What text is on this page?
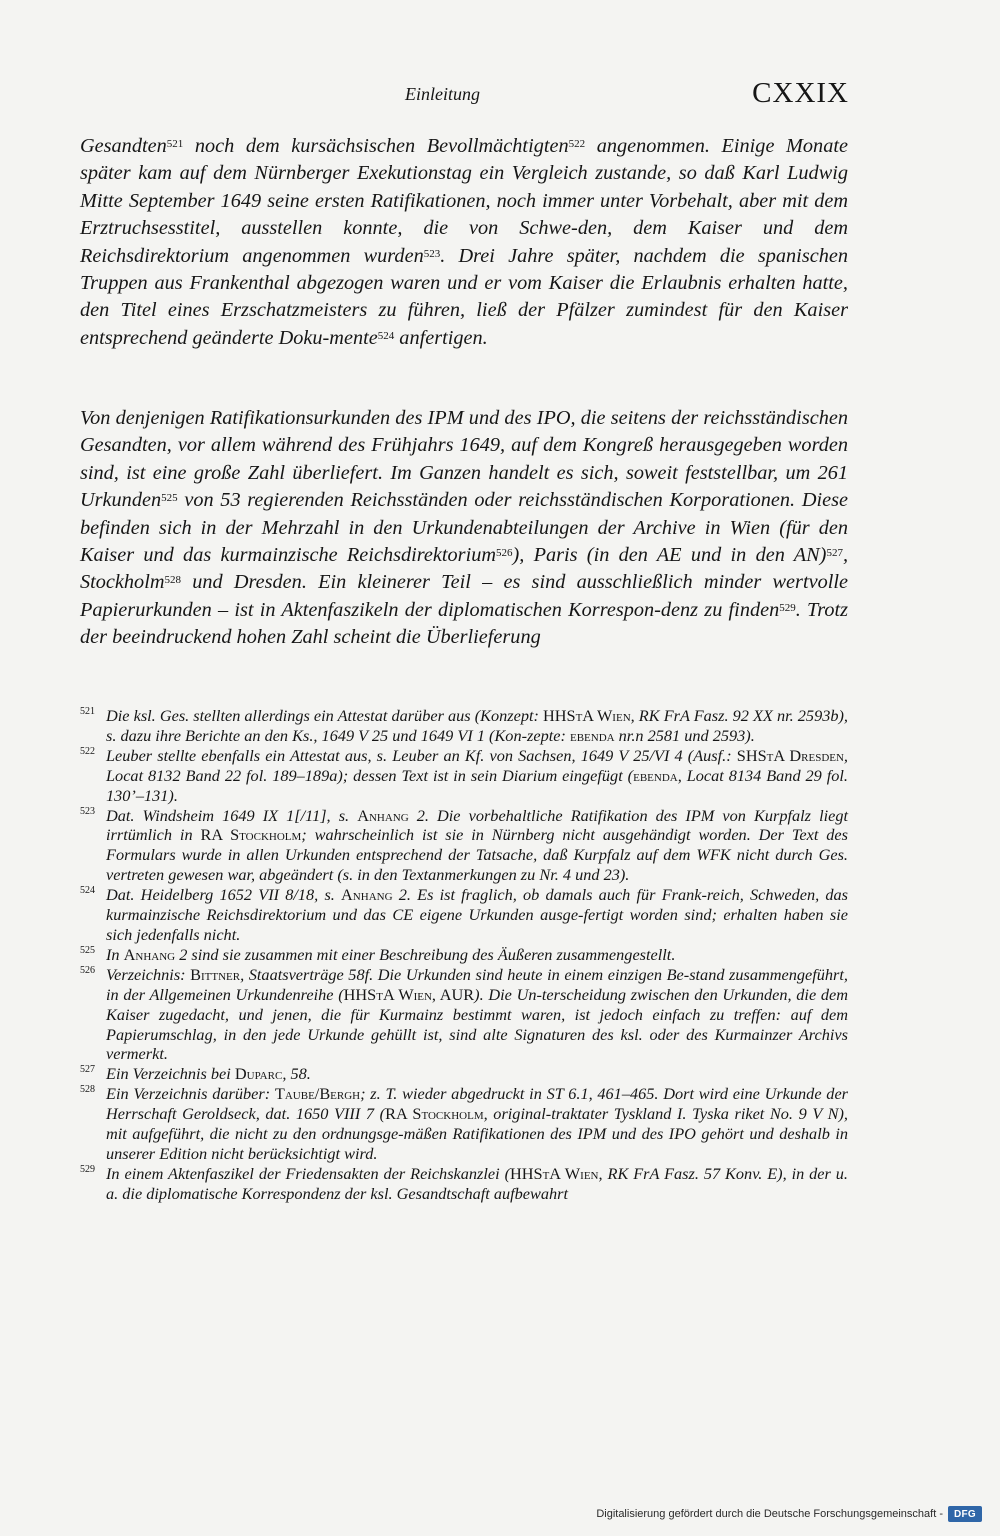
Einleitung	CXXIX
Gesandten$^{521}$ noch dem kursächsischen Bevollmächtigten$^{522}$ angenommen. Einige Monate später kam auf dem Nürnberger Exekutionstag ein Vergleich zustande, so daß Karl Ludwig Mitte September 1649 seine ersten Ratifikationen, noch immer unter Vorbehalt, aber mit dem Erztruchsesstitel, ausstellen konnte, die von Schwe-den, dem Kaiser und dem Reichsdirektorium angenommen wurden$^{523}$. Drei Jahre später, nachdem die spanischen Truppen aus Frankenthal abgezogen waren und er vom Kaiser die Erlaubnis erhalten hatte, den Titel eines Erzschatzmeisters zu führen, ließ der Pfälzer zumindest für den Kaiser entsprechend geänderte Doku-mente$^{524}$ anfertigen.
Von denjenigen Ratifikationsurkunden des IPM und des IPO, die seitens der reichsständischen Gesandten, vor allem während des Frühjahrs 1649, auf dem Kongreß herausgegeben worden sind, ist eine große Zahl überliefert. Im Ganzen handelt es sich, soweit feststellbar, um 261 Urkunden$^{525}$ von 53 regierenden Reichsständen oder reichsständischen Korporationen. Diese befinden sich in der Mehrzahl in den Urkundenabteilungen der Archive in Wien (für den Kaiser und das kurmainzische Reichsdirektorium$^{526}$), Paris (in den AE und in den AN)$^{527}$, Stockholm$^{528}$ und Dresden. Ein kleinerer Teil – es sind ausschließlich minder wertvolle Papierurkunden – ist in Aktenfaszikeln der diplomatischen Korrespon-denz zu finden$^{529}$. Trotz der beeindruckend hohen Zahl scheint die Überlieferung
521 Die ksl. Ges. stellten allerdings ein Attestat darüber aus (Konzept: HHStA Wien, RK FrA Fasz. 92 XX nr. 2593b), s. dazu ihre Berichte an den Ks., 1649 V 25 und 1649 VI 1 (Kon-zepte: ebenda nr.n 2581 und 2593).
522 Leuber stellte ebenfalls ein Attestat aus, s. Leuber an Kf. von Sachsen, 1649 V 25/VI 4 (Ausf.: SHStA Dresden, Locat 8132 Band 22 fol. 189–189a); dessen Text ist in sein Diarium eingefügt (ebenda, Locat 8134 Band 29 fol. 130’–131).
523 Dat. Windsheim 1649 IX 1[/11], s. Anhang 2. Die vorbehaltliche Ratifikation des IPM von Kurpfalz liegt irrtümlich in RA Stockholm; wahrscheinlich ist sie in Nürnberg nicht ausgehändigt worden. Der Text des Formulars wurde in allen Urkunden entsprechend der Tatsache, daß Kurpfalz auf dem WFK nicht durch Ges. vertreten gewesen war, abgeändert (s. in den Textanmerkungen zu Nr. 4 und 23).
524 Dat. Heidelberg 1652 VII 8/18, s. Anhang 2. Es ist fraglich, ob damals auch für Frank-reich, Schweden, das kurmainzische Reichsdirektorium und das CE eigene Urkunden ausge-fertigt worden sind; erhalten haben sie sich jedenfalls nicht.
525 In Anhang 2 sind sie zusammen mit einer Beschreibung des Äußeren zusammengestellt.
526 Verzeichnis: Bittner, Staatsverträge 58f. Die Urkunden sind heute in einem einzigen Be-stand zusammengeführt, in der Allgemeinen Urkundenreihe (HHStA Wien, AUR). Die Un-terscheidung zwischen den Urkunden, die dem Kaiser zugedacht, und jenen, die für Kurmainz bestimmt waren, ist jedoch einfach zu treffen: auf dem Papierumschlag, in den jede Urkunde gehüllt ist, sind alte Signaturen des ksl. oder des Kurmainzer Archivs vermerkt.
527 Ein Verzeichnis bei Duparc, 58.
528 Ein Verzeichnis darüber: Taube/Bergh; z. T. wieder abgedruckt in ST 6.1, 461–465. Dort wird eine Urkunde der Herrschaft Geroldseck, dat. 1650 VIII 7 (RA Stockholm, original-traktater Tyskland I. Tyska riket No. 9 V N), mit aufgeführt, die nicht zu den ordnungsge-mäßen Ratifikationen des IPM und des IPO gehört und deshalb in unserer Edition nicht berücksichtigt wird.
529 In einem Aktenfaszikel der Friedensakten der Reichskanzlei (HHStA Wien, RK FrA Fasz. 57 Konv. E), in der u. a. die diplomatische Korrespondenz der ksl. Gesandtschaft aufbewahrt
Digitalisierung gefördert durch die Deutsche Forschungsgemeinschaft -	DFG
